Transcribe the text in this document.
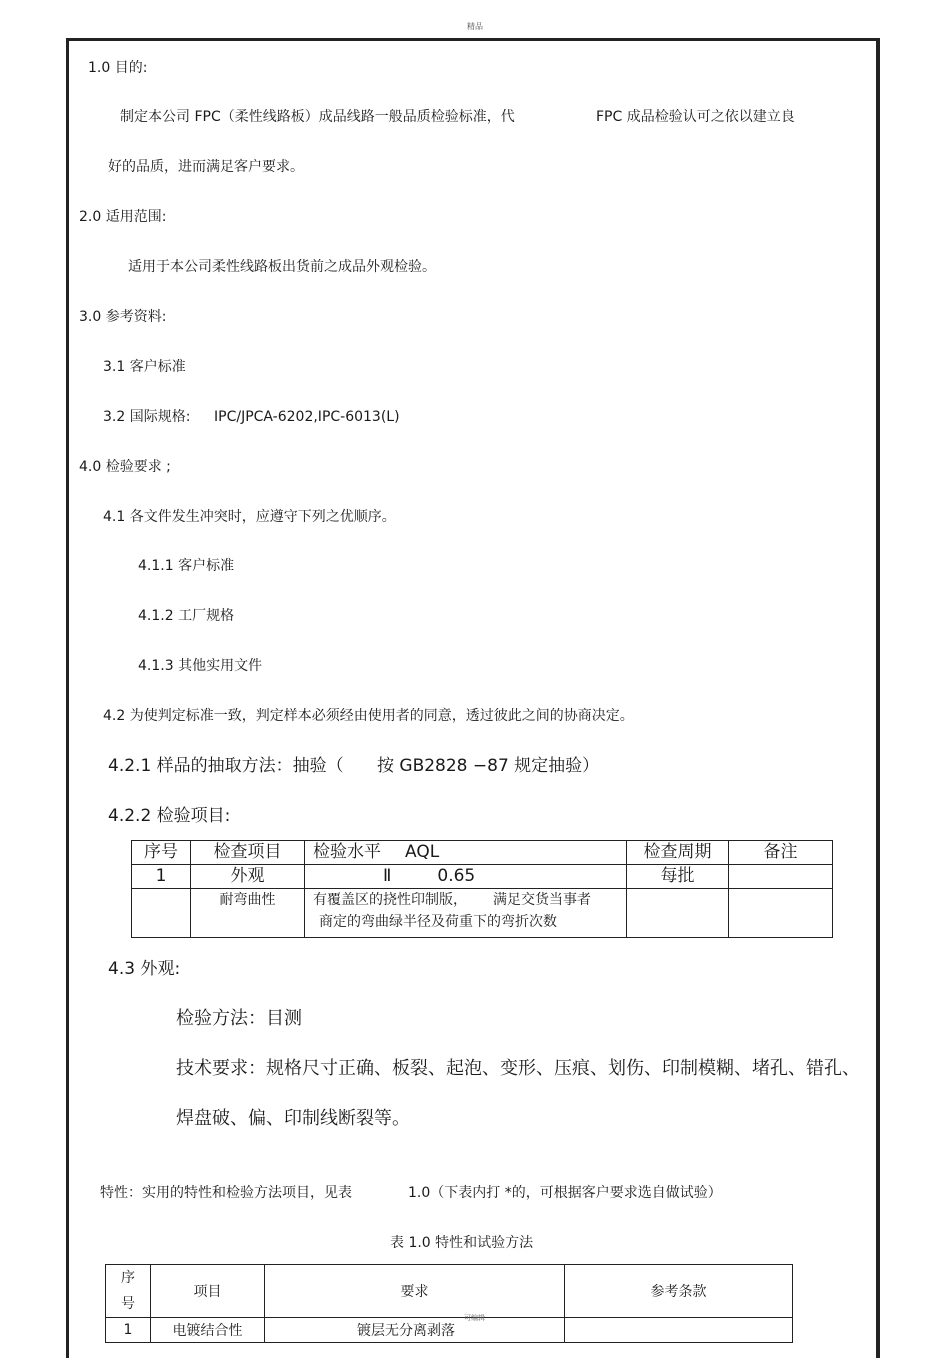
精品
1.0 目的:
制定本公司 FPC（柔性线路板）成品线路一般品质检验标准，代	FPC 成品检验认可之依以建立良
好的品质，进而满足客户要求。
2.0 适用范围:
适用于本公司柔性线路板出货前之成品外观检验。
3.0 参考资料:
3.1 客户标准
3.2 国际规格: IPC/JPCA-6202,IPC-6013(L)
4.0 检验要求 ;
4.1 各文件发生冲突时，应遵守下列之优顺序。
4.1.1 客户标准
4.1.2 工厂规格
4.1.3 其他实用文件
4.2 为使判定标准一致，判定样本必须经由使用者的同意，透过彼此之间的协商决定。
4.2.1 样品的抽取方法：抽验（ 按 GB2828 −87 规定抽验）
4.2.2 检验项目:
序号	检查项目	检验水平 AQL	检查周期	备注
1	外观	Ⅱ 0.65	每批	
	耐弯曲性	有覆盖区的挠性印制版， 满足交货当事者
商定的弯曲绿半径及荷重下的弯折次数		

4.3 外观:
检验方法：目测
技术要求：规格尺寸正确、板裂、起泡、变形、压痕、划伤、印制模糊、堵孔、错孔、
焊盘破、偏、印制线断裂等。
特性：实用的特性和检验方法项目，见表	1.0（下表内打 *的，可根据客户要求选自做试验）
表 1.0 特性和试验方法
序
号	项目	要求	参考条款
1	电镀结合性	镀层无分离剥落	
可编辑
